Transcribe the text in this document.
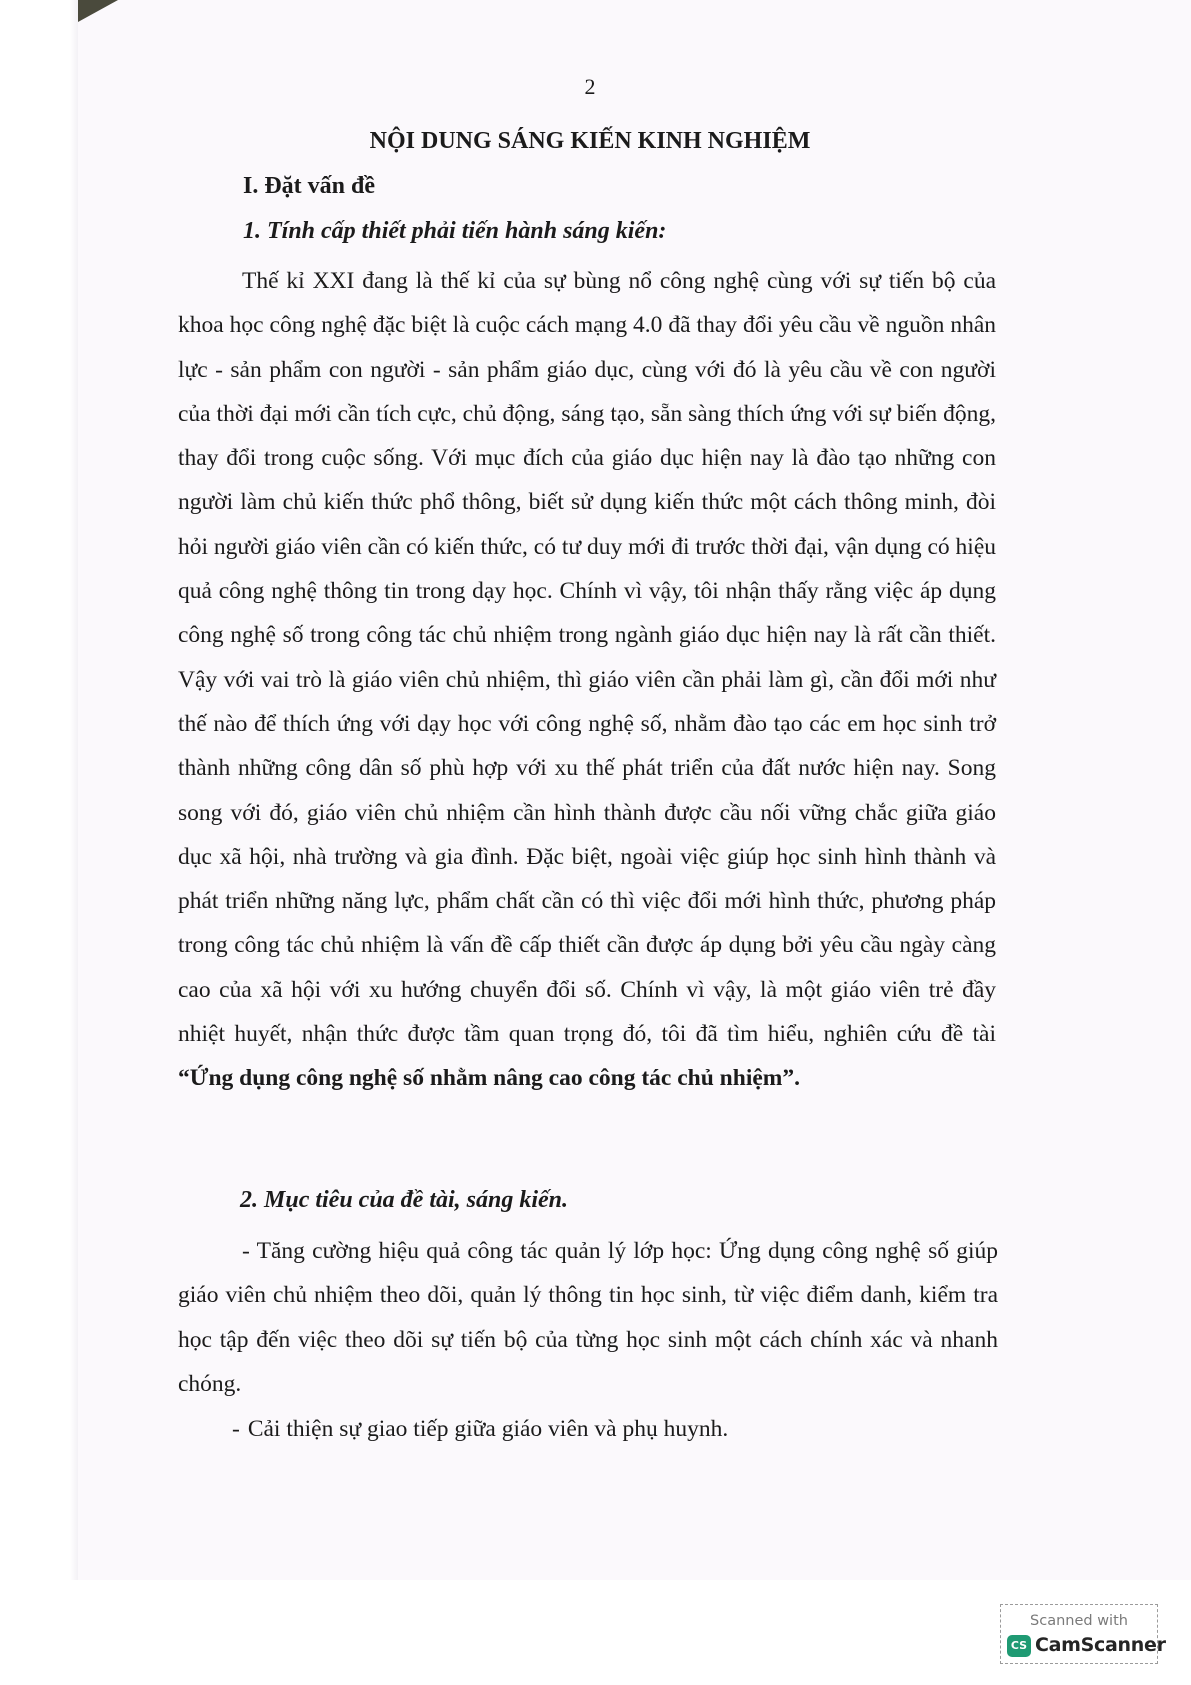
2
NỘI DUNG SÁNG KIẾN KINH NGHIỆM
I. Đặt vấn đề
1. Tính cấp thiết phải tiến hành sáng kiến:

Thế kỉ XXI đang là thế kỉ của sự bùng nổ công nghệ cùng với sự tiến bộ của khoa học công nghệ đặc biệt là cuộc cách mạng 4.0 đã thay đổi yêu cầu về nguồn nhân lực - sản phẩm con người - sản phẩm giáo dục, cùng với đó là yêu cầu về con người của thời đại mới cần tích cực, chủ động, sáng tạo, sẵn sàng thích ứng với sự biến động, thay đổi trong cuộc sống. Với mục đích của giáo dục hiện nay là đào tạo những con người làm chủ kiến thức phổ thông, biết sử dụng kiến thức một cách thông minh, đòi hỏi người giáo viên cần có kiến thức, có tư duy mới đi trước thời đại, vận dụng có hiệu quả công nghệ thông tin trong dạy học. Chính vì vậy, tôi nhận thấy rằng việc áp dụng công nghệ số trong công tác chủ nhiệm trong ngành giáo dục hiện nay là rất cần thiết. Vậy với vai trò là giáo viên chủ nhiệm, thì giáo viên cần phải làm gì, cần đổi mới như thế nào để thích ứng với dạy học với công nghệ số, nhằm đào tạo các em học sinh trở thành những công dân số phù hợp với xu thế phát triển của đất nước hiện nay. Song song với đó, giáo viên chủ nhiệm cần hình thành được cầu nối vững chắc giữa giáo dục xã hội, nhà trường và gia đình. Đặc biệt, ngoài việc giúp học sinh hình thành và phát triển những năng lực, phẩm chất cần có thì việc đổi mới hình thức, phương pháp trong công tác chủ nhiệm là vấn đề cấp thiết cần được áp dụng bởi yêu cầu ngày càng cao của xã hội với xu hướng chuyển đổi số. Chính vì vậy, là một giáo viên trẻ đầy nhiệt huyết, nhận thức được tầm quan trọng đó, tôi đã tìm hiểu, nghiên cứu đề tài “Ứng dụng công nghệ số nhằm nâng cao công tác chủ nhiệm”.

2. Mục tiêu của đề tài, sáng kiến.

- Tăng cường hiệu quả công tác quản lý lớp học: Ứng dụng công nghệ số giúp giáo viên chủ nhiệm theo dõi, quản lý thông tin học sinh, từ việc điểm danh, kiểm tra học tập đến việc theo dõi sự tiến bộ của từng học sinh một cách chính xác và nhanh chóng.

- Cải thiện sự giao tiếp giữa giáo viên và phụ huynh.

Scanned with
CS CamScanner
